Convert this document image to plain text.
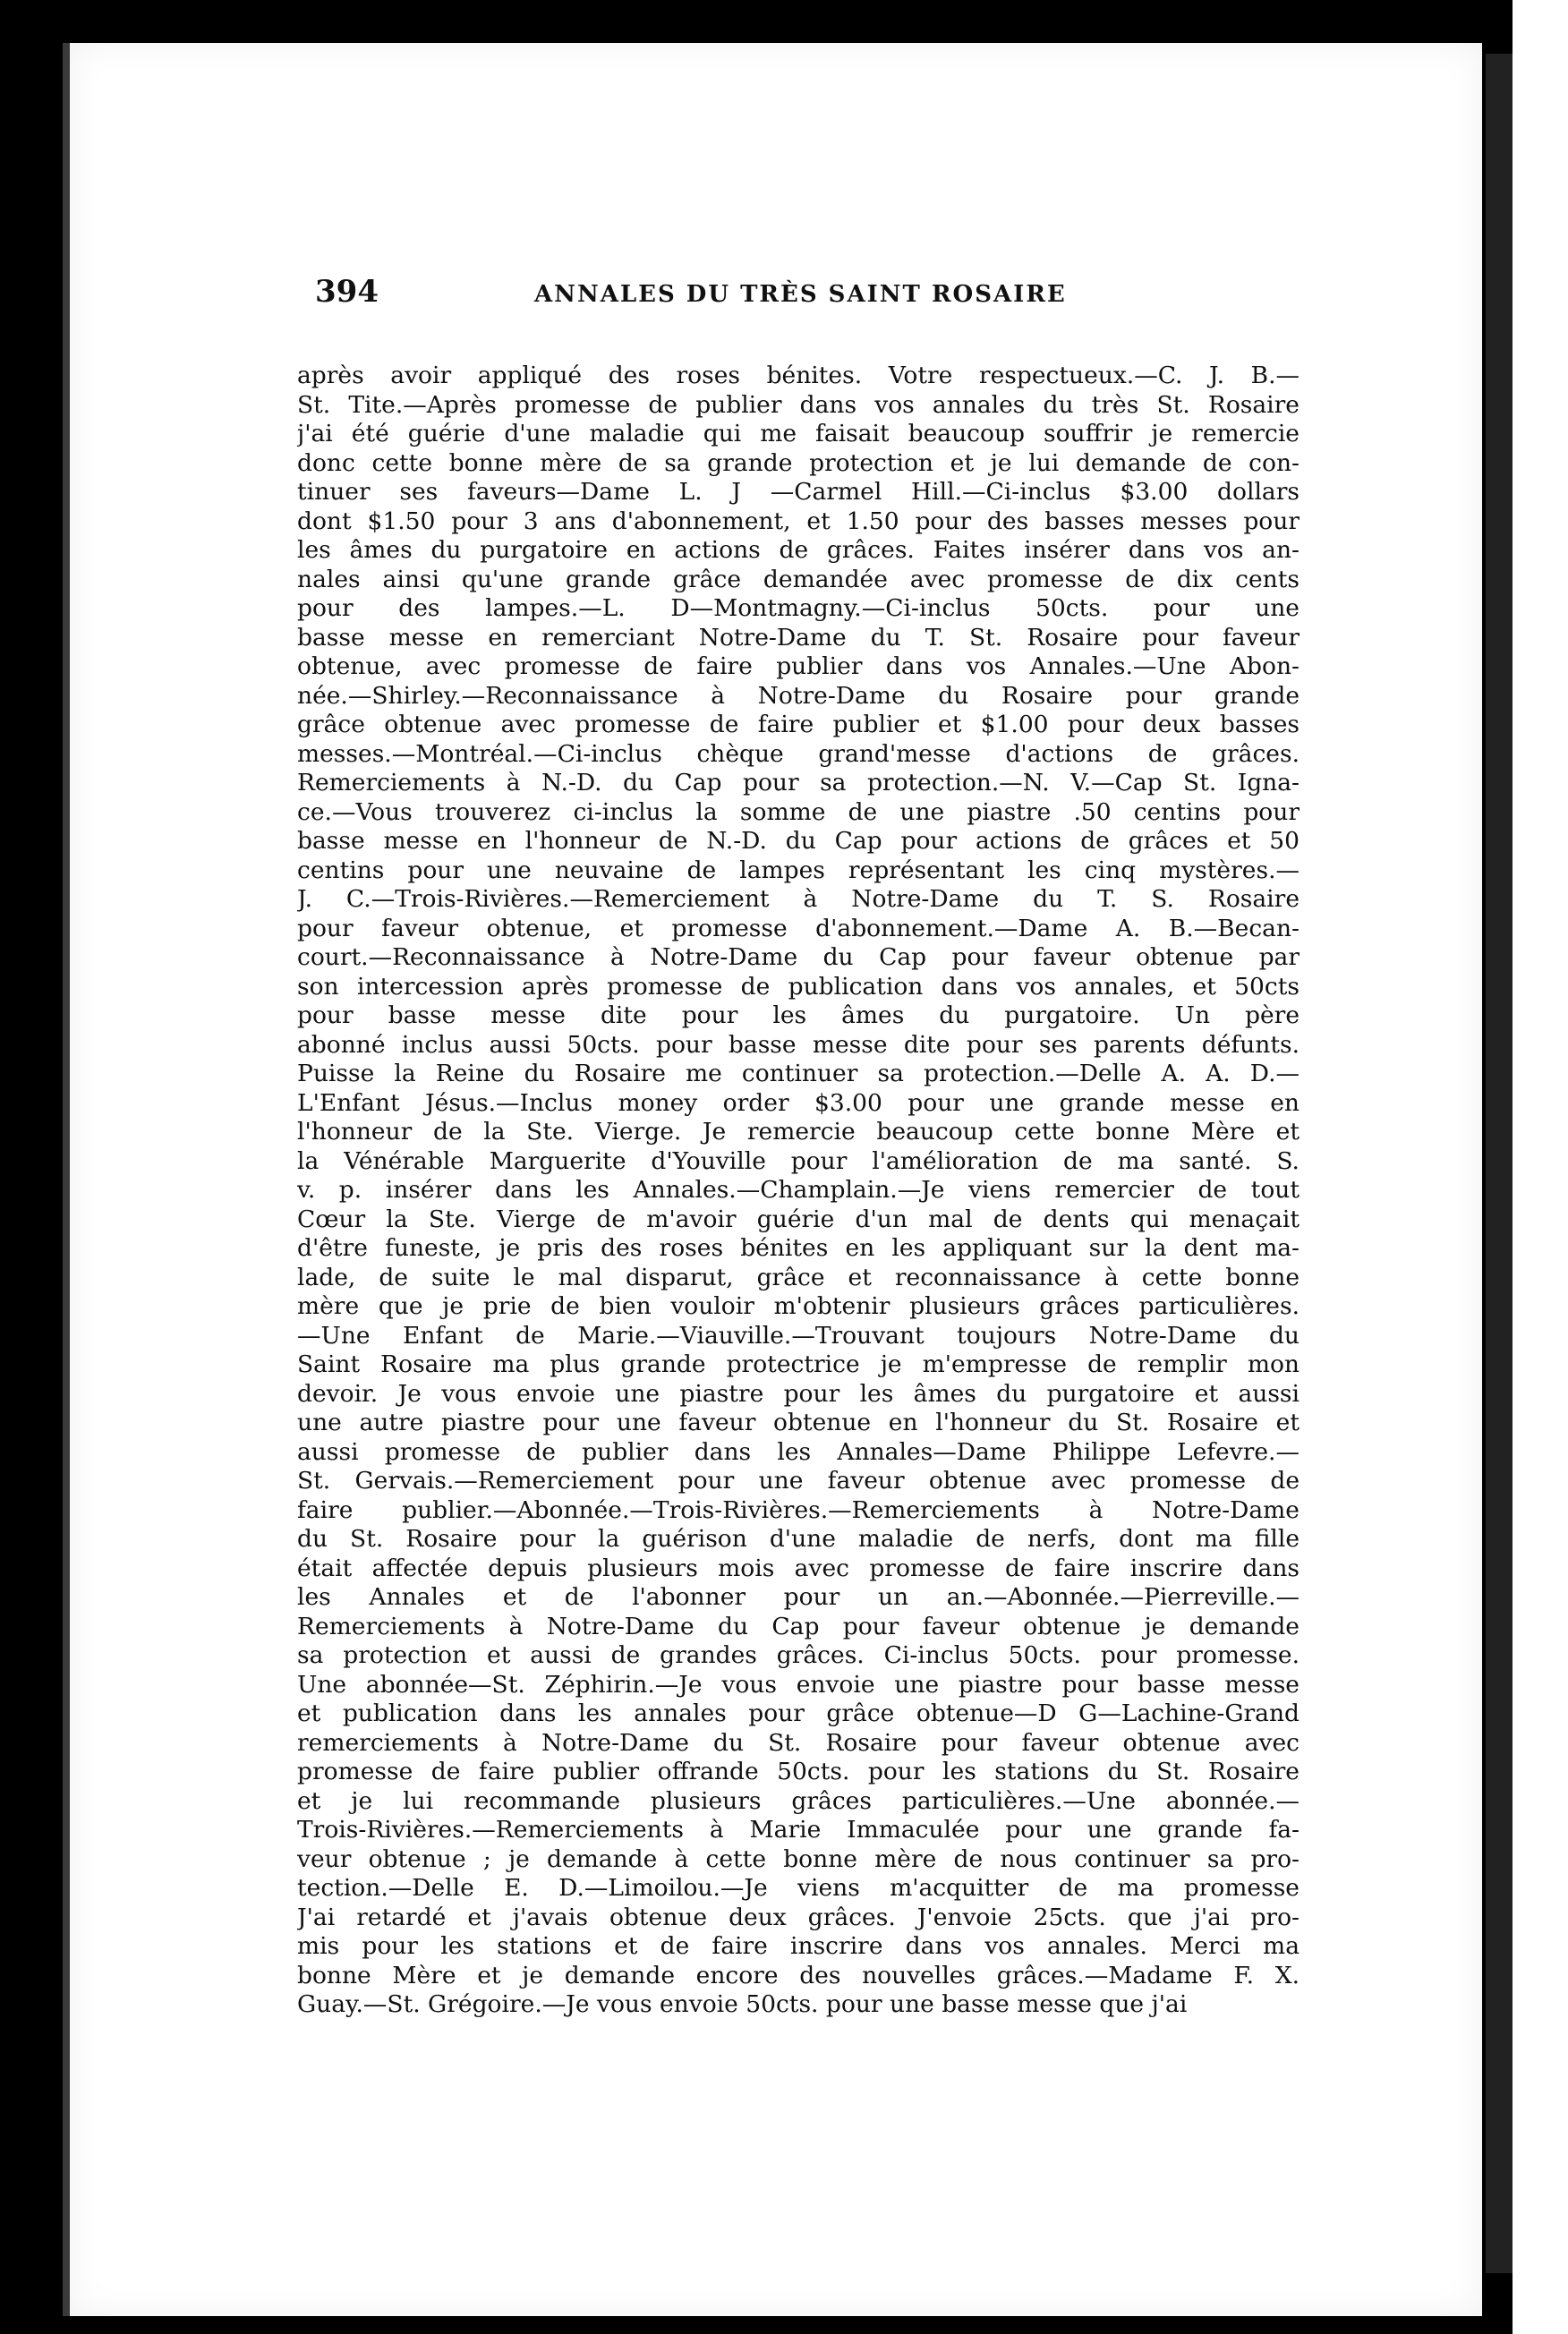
394	ANNALES DU TRÈS SAINT ROSAIRE
après avoir appliqué des roses bénites. Votre respectueux.—C. J. B.—
St. Tite.—Après promesse de publier dans vos annales du très St. Rosaire
j'ai été guérie d'une maladie qui me faisait beaucoup souffrir je remercie
donc cette bonne mère de sa grande protection et je lui demande de con-
tinuer ses faveurs—Dame L. J —Carmel Hill.—Ci-inclus $3.00 dollars
dont $1.50 pour 3 ans d'abonnement, et 1.50 pour des basses messes pour
les âmes du purgatoire en actions de grâces. Faites insérer dans vos an-
nales ainsi qu'une grande grâce demandée avec promesse de dix cents
pour des lampes.—L. D—Montmagny.—Ci-inclus 50cts. pour une
basse messe en remerciant Notre-Dame du T. St. Rosaire pour faveur
obtenue, avec promesse de faire publier dans vos Annales.—Une Abon-
née.—Shirley.—Reconnaissance à Notre-Dame du Rosaire pour grande
grâce obtenue avec promesse de faire publier et $1.00 pour deux basses
messes.—Montréal.—Ci-inclus chèque grand'messe d'actions de grâces.
Remerciements à N.-D. du Cap pour sa protection.—N. V.—Cap St. Igna-
ce.—Vous trouverez ci-inclus la somme de une piastre .50 centins pour
basse messe en l'honneur de N.-D. du Cap pour actions de grâces et 50
centins pour une neuvaine de lampes représentant les cinq mystères.—
J. C.—Trois-Rivières.—Remerciement à Notre-Dame du T. S. Rosaire
pour faveur obtenue, et promesse d'abonnement.—Dame A. B.—Becan-
court.—Reconnaissance à Notre-Dame du Cap pour faveur obtenue par
son intercession après promesse de publication dans vos annales, et 50cts
pour basse messe dite pour les âmes du purgatoire. Un père
abonné inclus aussi 50cts. pour basse messe dite pour ses parents défunts.
Puisse la Reine du Rosaire me continuer sa protection.—Delle A. A. D.—
L'Enfant Jésus.—Inclus money order $3.00 pour une grande messe en
l'honneur de la Ste. Vierge. Je remercie beaucoup cette bonne Mère et
la Vénérable Marguerite d'Youville pour l'amélioration de ma santé. S.
v. p. insérer dans les Annales.—Champlain.—Je viens remercier de tout
Cœur la Ste. Vierge de m'avoir guérie d'un mal de dents qui menaçait
d'être funeste, je pris des roses bénites en les appliquant sur la dent ma-
lade, de suite le mal disparut, grâce et reconnaissance à cette bonne
mère que je prie de bien vouloir m'obtenir plusieurs grâces particulières.
—Une Enfant de Marie.—Viauville.—Trouvant toujours Notre-Dame du
Saint Rosaire ma plus grande protectrice je m'empresse de remplir mon
devoir. Je vous envoie une piastre pour les âmes du purgatoire et aussi
une autre piastre pour une faveur obtenue en l'honneur du St. Rosaire et
aussi promesse de publier dans les Annales—Dame Philippe Lefevre.—
St. Gervais.—Remerciement pour une faveur obtenue avec promesse de
faire publier.—Abonnée.—Trois-Rivières.—Remerciements à Notre-Dame
du St. Rosaire pour la guérison d'une maladie de nerfs, dont ma fille
était affectée depuis plusieurs mois avec promesse de faire inscrire dans
les Annales et de l'abonner pour un an.—Abonnée.—Pierreville.—
Remerciements à Notre-Dame du Cap pour faveur obtenue je demande
sa protection et aussi de grandes grâces. Ci-inclus 50cts. pour promesse.
Une abonnée—St. Zéphirin.—Je vous envoie une piastre pour basse messe
et publication dans les annales pour grâce obtenue—D G—Lachine-Grand
remerciements à Notre-Dame du St. Rosaire pour faveur obtenue avec
promesse de faire publier offrande 50cts. pour les stations du St. Rosaire
et je lui recommande plusieurs grâces particulières.—Une abonnée.—
Trois-Rivières.—Remerciements à Marie Immaculée pour une grande fa-
veur obtenue ; je demande à cette bonne mère de nous continuer sa pro-
tection.—Delle E. D.—Limoilou.—Je viens m'acquitter de ma promesse
J'ai retardé et j'avais obtenue deux grâces. J'envoie 25cts. que j'ai pro-
mis pour les stations et de faire inscrire dans vos annales. Merci ma
bonne Mère et je demande encore des nouvelles grâces.—Madame F. X.
Guay.—St. Grégoire.—Je vous envoie 50cts. pour une basse messe que j'ai
